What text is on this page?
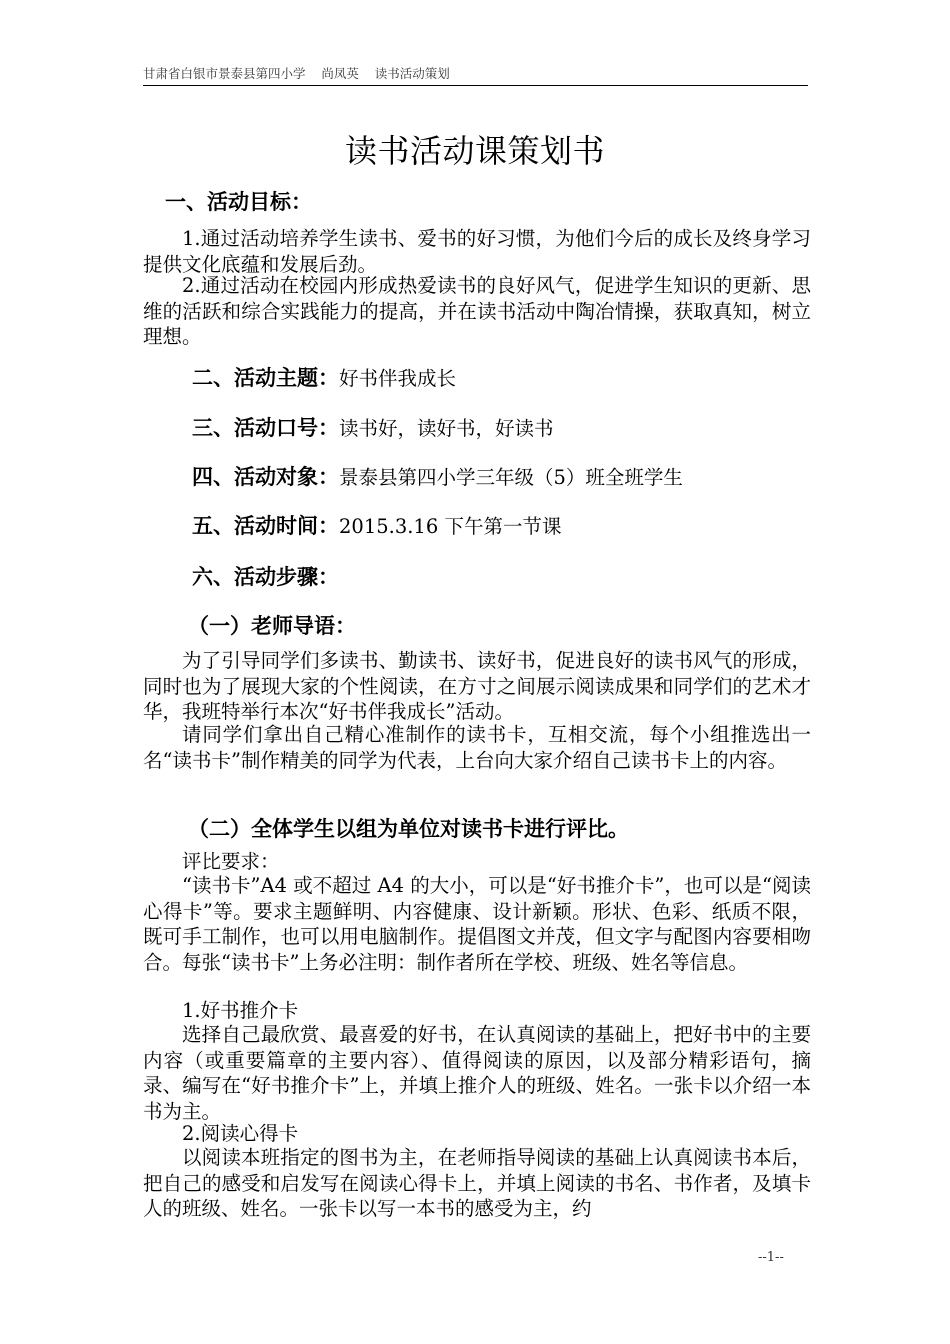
甘肃省白银市景泰县第四小学    尚凤英    读书活动策划
读书活动课策划书
一、活动目标：

1.通过活动培养学生读书、爱书的好习惯，为他们今后的成长及终身学习提供文化底蕴和发展后劲。

2.通过活动在校园内形成热爱读书的良好风气，促进学生知识的更新、思维的活跃和综合实践能力的提高，并在读书活动中陶冶情操，获取真知，树立理想。

二、活动主题：好书伴我成长
三、活动口号：读书好，读好书，好读书
四、活动对象：景泰县第四小学三年级（5）班全班学生
五、活动时间：2015.3.16 下午第一节课
六、活动步骤：
（一）老师导语：

为了引导同学们多读书、勤读书、读好书，促进良好的读书风气的形成，同时也为了展现大家的个性阅读，在方寸之间展示阅读成果和同学们的艺术才华，我班特举行本次“好书伴我成长”活动。

请同学们拿出自己精心准制作的读书卡，互相交流，每个小组推选出一名“读书卡”制作精美的同学为代表，上台向大家介绍自己读书卡上的内容。

（二）全体学生以组为单位对读书卡进行评比。

评比要求：

“读书卡”A4 或不超过 A4 的大小，可以是“好书推介卡”，也可以是“阅读心得卡”等。要求主题鲜明、内容健康、设计新颖。形状、色彩、纸质不限，既可手工制作，也可以用电脑制作。提倡图文并茂，但文字与配图内容要相吻合。每张“读书卡”上务必注明：制作者所在学校、班级、姓名等信息。

1.好书推介卡

选择自己最欣赏、最喜爱的好书，在认真阅读的基础上，把好书中的主要内容（或重要篇章的主要内容）、值得阅读的原因，以及部分精彩语句，摘录、编写在“好书推介卡”上，并填上推介人的班级、姓名。一张卡以介绍一本书为主。

2.阅读心得卡

以阅读本班指定的图书为主，在老师指导阅读的基础上认真阅读书本后，把自己的感受和启发写在阅读心得卡上，并填上阅读的书名、书作者，及填卡人的班级、姓名。一张卡以写一本书的感受为主，约

--1--
